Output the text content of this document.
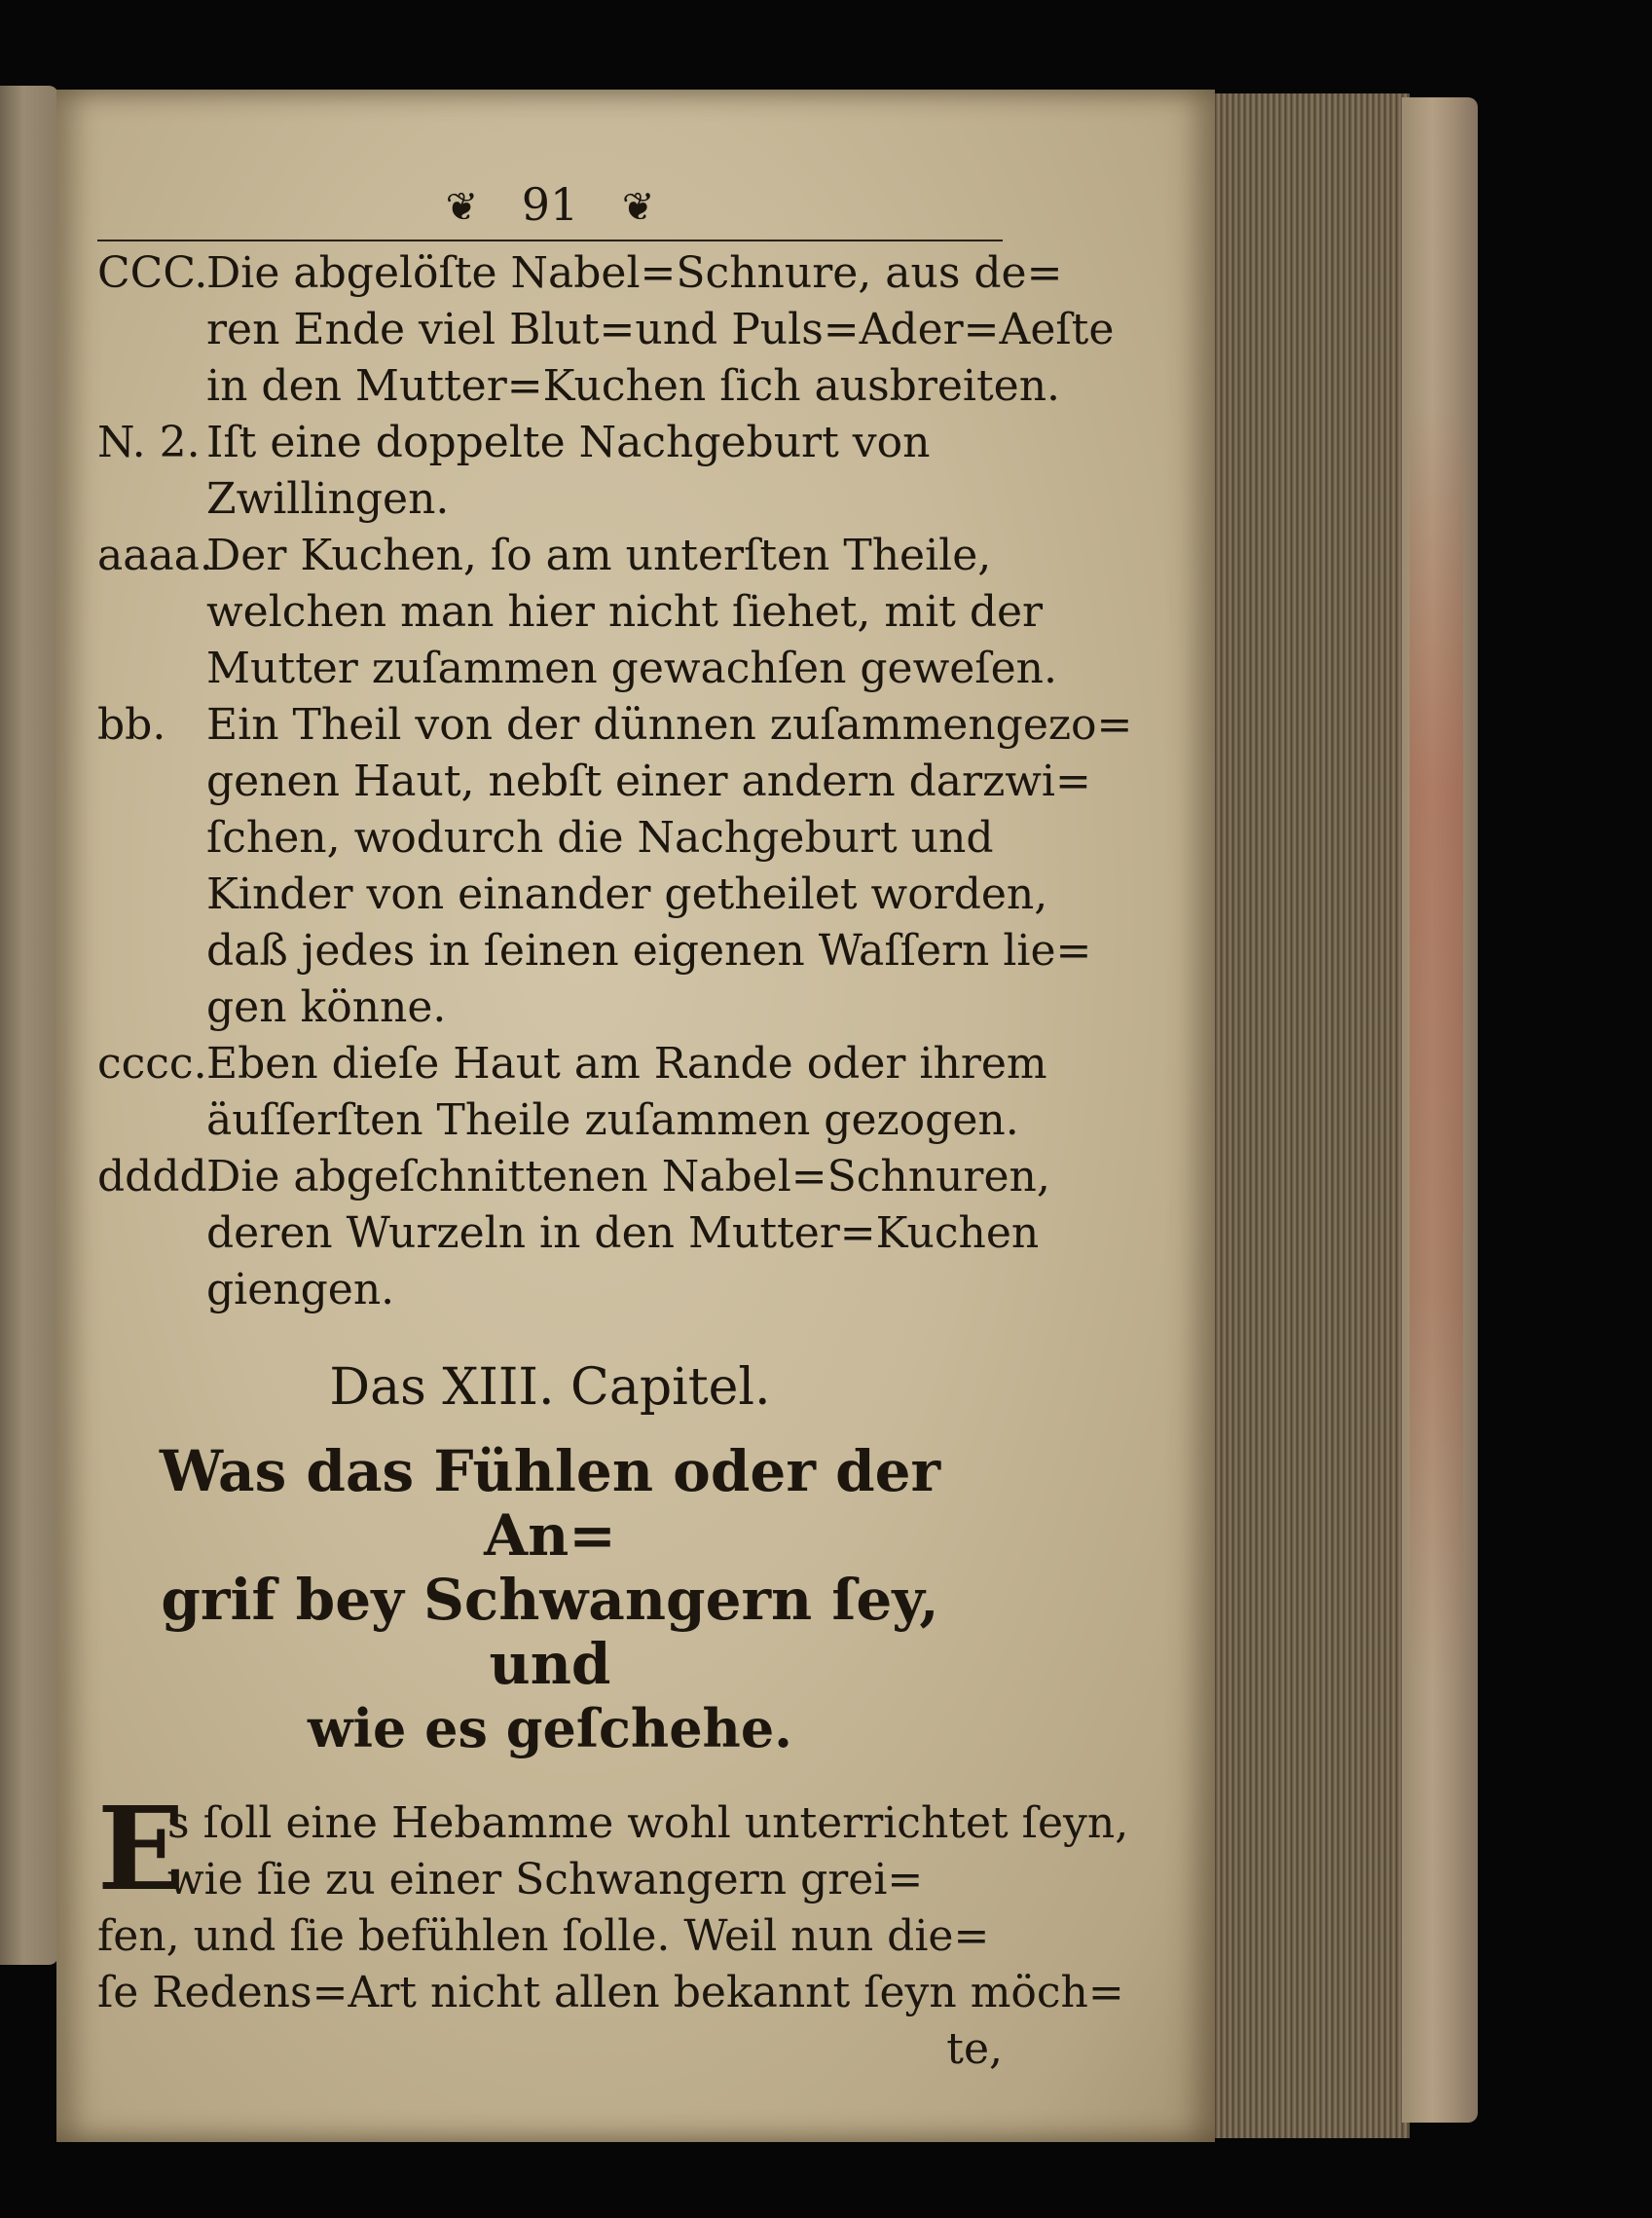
❦ 91 ❦
CCC.
Die abgelöſte Nabel=Schnure, aus de=
ren Ende viel Blut=und Puls=Ader=Aeſte
in den Mutter=Kuchen ſich ausbreiten.
N. 2. Iſt eine doppelte Nachgeburt von
Zwillingen.
aaaa.
Der Kuchen, ſo am unterſten Theile,
welchen man hier nicht ſiehet, mit der
Mutter zuſammen gewachſen geweſen.
bb. Ein Theil von der dünnen zuſammengezo=
genen Haut, nebſt einer andern darzwi=
ſchen, wodurch die Nachgeburt und
Kinder von einander getheilet worden,
daß jedes in ſeinen eigenen Waſſern lie=
gen könne.
cccc. Eben dieſe Haut am Rande oder ihrem
äuſſerſten Theile zuſammen gezogen.
dddd.
Die abgeſchnittenen Nabel=Schnuren,
deren Wurzeln in den Mutter=Kuchen
giengen.
Das XIII. Capitel.
Was das Fühlen oder der An=
grif bey Schwangern ſey, und
wie es geſchehe.
E
s ſoll eine Hebamme wohl unterrichtet ſeyn,
wie ſie zu einer Schwangern grei=
fen, und ſie befühlen ſolle. Weil nun die=
ſe Redens=Art nicht allen bekannt ſeyn möch=
te,
